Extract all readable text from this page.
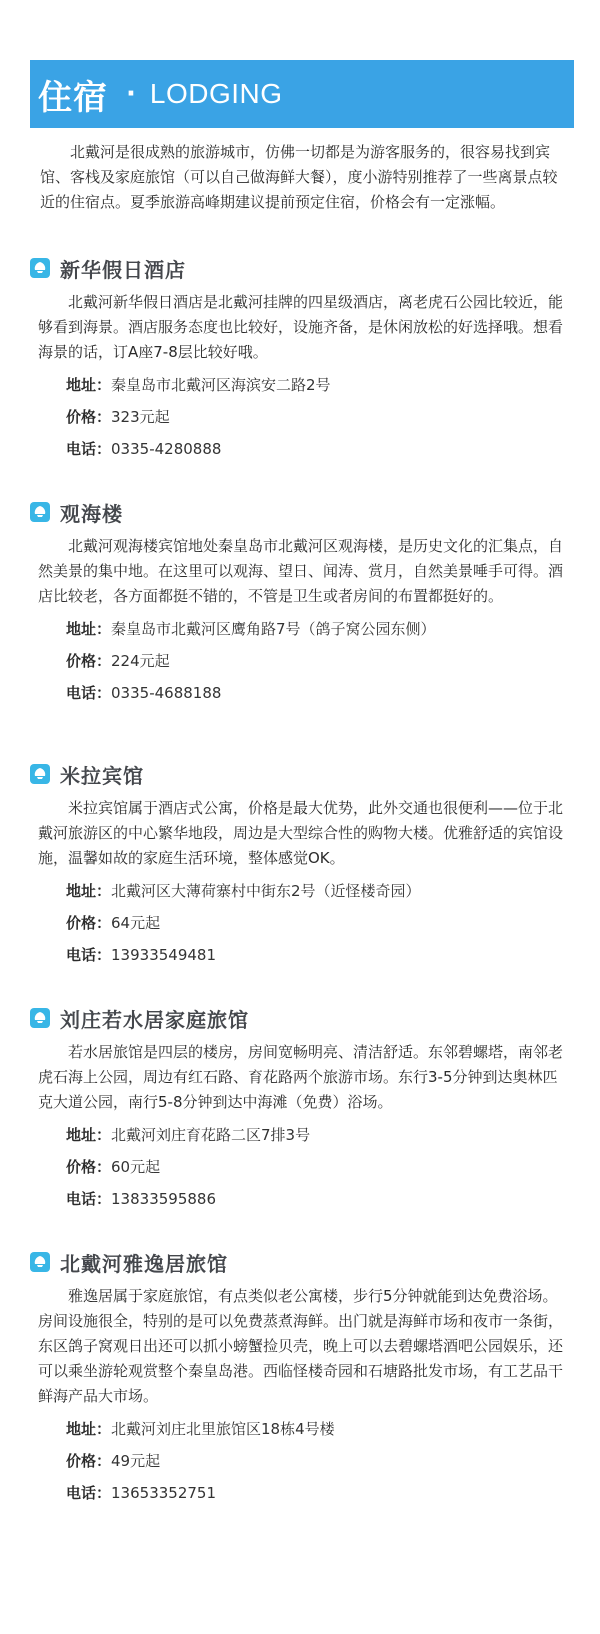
住宿 · LODGING

北戴河是很成熟的旅游城市，仿佛一切都是为游客服务的，很容易找到宾馆、客栈及家庭旅馆（可以自己做海鲜大餐），度小游特别推荐了一些离景点较近的住宿点。夏季旅游高峰期建议提前预定住宿，价格会有一定涨幅。

新华假日酒店

北戴河新华假日酒店是北戴河挂牌的四星级酒店，离老虎石公园比较近，能够看到海景。酒店服务态度也比较好，设施齐备，是休闲放松的好选择哦。想看海景的话，订A座7-8层比较好哦。

地址：秦皇岛市北戴河区海滨安二路2号
价格：323元起
电话：0335-4280888
观海楼

北戴河观海楼宾馆地处秦皇岛市北戴河区观海楼，是历史文化的汇集点，自然美景的集中地。在这里可以观海、望日、闻涛、赏月，自然美景唾手可得。酒店比较老，各方面都挺不错的，不管是卫生或者房间的布置都挺好的。

地址：秦皇岛市北戴河区鹰角路7号（鸽子窝公园东侧）
价格：224元起
电话：0335-4688188
米拉宾馆

米拉宾馆属于酒店式公寓，价格是最大优势，此外交通也很便利——位于北戴河旅游区的中心繁华地段，周边是大型综合性的购物大楼。优雅舒适的宾馆设施，温馨如故的家庭生活环境，整体感觉OK。

地址：北戴河区大薄荷寨村中街东2号（近怪楼奇园）
价格：64元起
电话：13933549481
刘庄若水居家庭旅馆

若水居旅馆是四层的楼房，房间宽畅明亮、清洁舒适。东邻碧螺塔，南邻老虎石海上公园，周边有红石路、育花路两个旅游市场。东行3-5分钟到达奥林匹克大道公园，南行5-8分钟到达中海滩（免费）浴场。

地址：北戴河刘庄育花路二区7排3号
价格：60元起
电话：13833595886
北戴河雅逸居旅馆

雅逸居属于家庭旅馆，有点类似老公寓楼，步行5分钟就能到达免费浴场。房间设施很全，特别的是可以免费蒸煮海鲜。出门就是海鲜市场和夜市一条街，东区鸽子窝观日出还可以抓小螃蟹捡贝壳，晚上可以去碧螺塔酒吧公园娱乐，还可以乘坐游轮观赏整个秦皇岛港。西临怪楼奇园和石塘路批发市场，有工艺品干鲜海产品大市场。

地址：北戴河刘庄北里旅馆区18栋4号楼
价格：49元起
电话：13653352751
